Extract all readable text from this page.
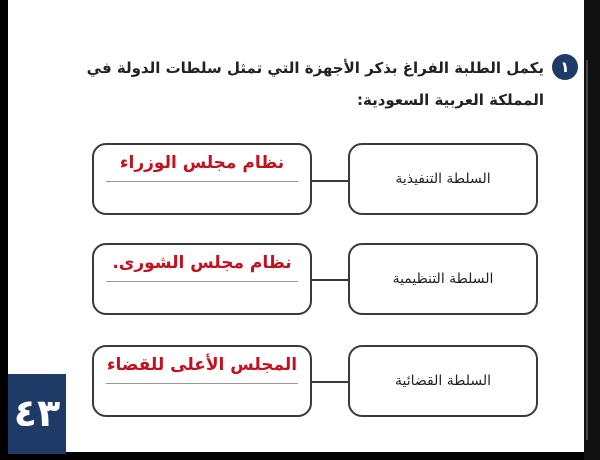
١
يكمل الطلبة الفراغ بذكر الأجهزة التي تمثل سلطات الدولة في المملكة العربية السعودية:
السلطة التنفيذية
نظام مجلس الوزراء
السلطة التنظيمية
نظام مجلس الشورى.
السلطة القضائية
المجلس الأعلى للقضاء
٤٣
